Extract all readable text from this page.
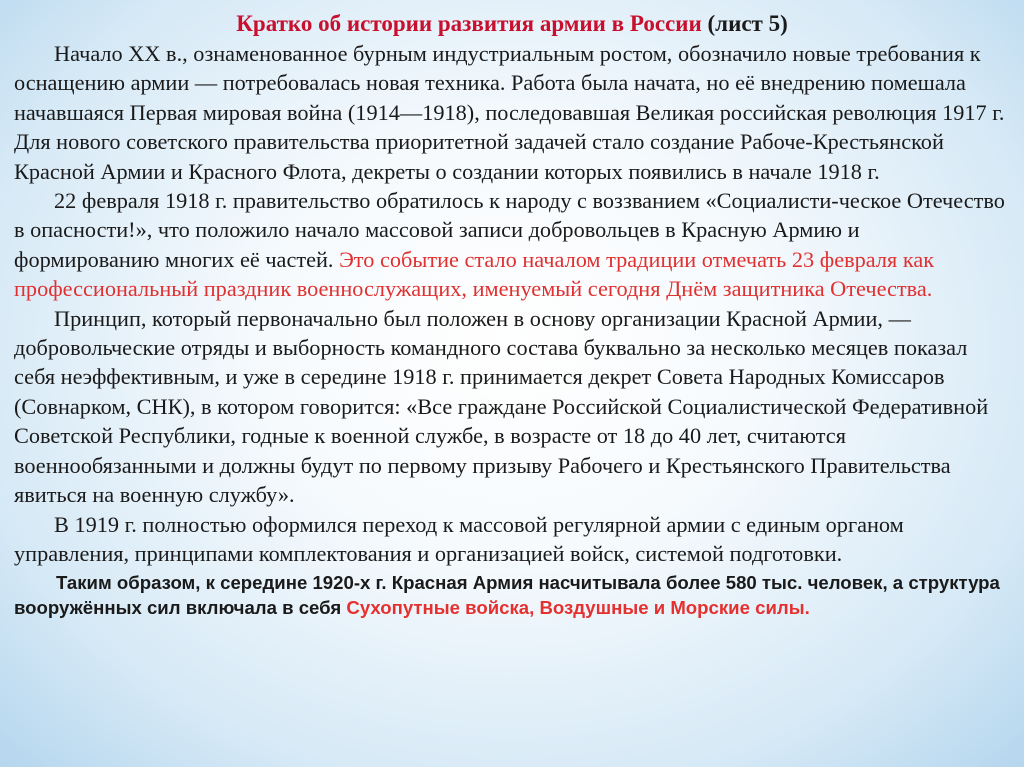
Кратко об истории развития армии в России (лист 5)

Начало XX в., ознаменованное бурным индустриальным ростом, обозначило новые требования к оснащению армии — потребовалась новая техника. Работа была начата, но её внедрению помешала начавшаяся Первая мировая война (1914—1918), последовавшая Великая российская революция 1917 г. Для нового советского правительства приоритетной задачей стало создание Рабоче-Крестьянской Красной Армии и Красного Флота, декреты о создании которых появились в начале 1918 г.

22 февраля 1918 г. правительство обратилось к народу с воззванием «Социалисти-ческое Отечество в опасности!», что положило начало массовой записи добровольцев в Красную Армию и формированию многих её частей. Это событие стало началом традиции отмечать 23 февраля как профессиональный праздник военнослужащих, именуемый сегодня Днём защитника Отечества.

Принцип, который первоначально был положен в основу организации Красной Армии, — добровольческие отряды и выборность командного состава буквально за несколько месяцев показал себя неэффективным, и уже в середине 1918 г. принимается декрет Совета Народных Комиссаров (Совнарком, СНК), в котором говорится: «Все граждане Российской Социалистической Федеративной Советской Республики, годные к военной службе, в возрасте от 18 до 40 лет, считаются военнообязанными и должны будут по первому призыву Рабочего и Крестьянского Правительства явиться на военную службу».

В 1919 г. полностью оформился переход к массовой регулярной армии с единым органом управления, принципами комплектования и организацией войск, системой подготовки.

Таким образом, к середине 1920-х г. Красная Армия насчитывала более 580 тыс. человек, а структура вооружённых сил включала в себя Сухопутные войска, Воздушные и Морские силы.
